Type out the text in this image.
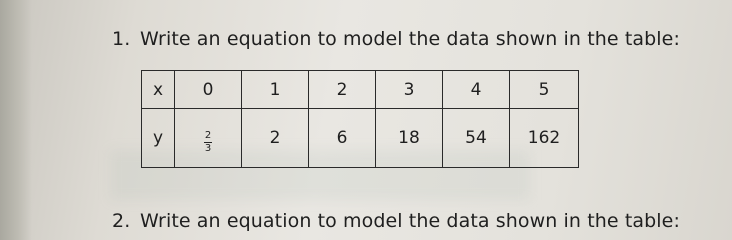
1. Write an equation to model the data shown in the table:
x	0	1	2	3	4	5
y	$\frac{2}{3}$	2	6	18	54	162
2. Write an equation to model the data shown in the table:
